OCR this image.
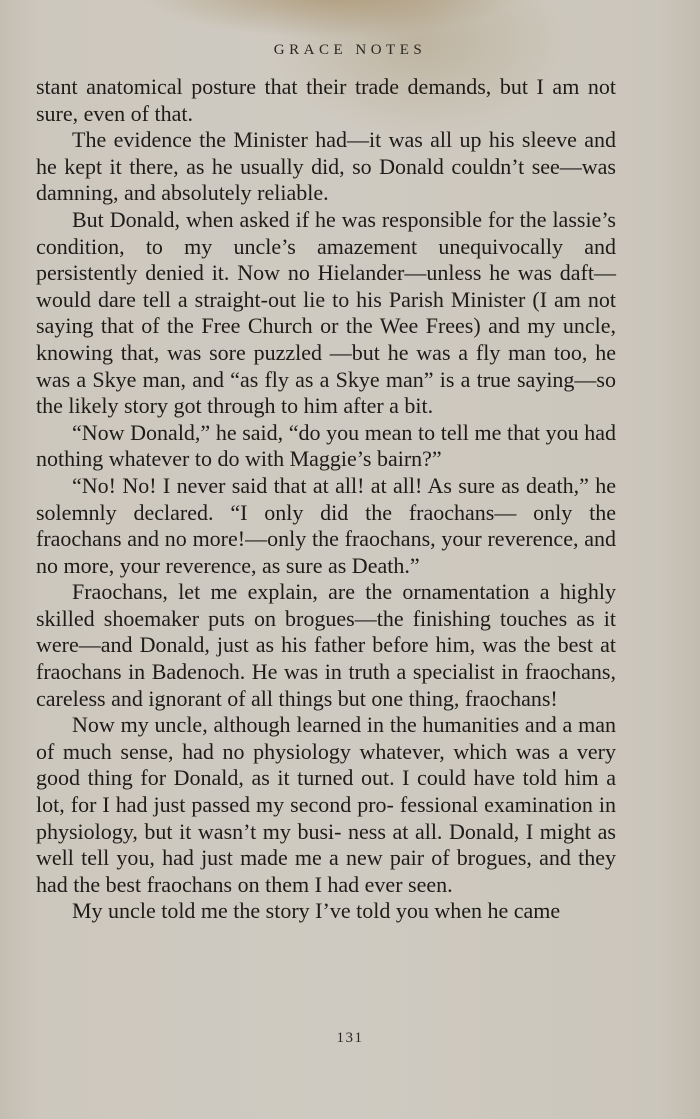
GRACE NOTES

stant anatomical posture that their trade demands, but I am not sure, even of that.

The evidence the Minister had—it was all up his sleeve and he kept it there, as he usually did, so Donald couldn’t see—was damning, and absolutely reliable.

But Donald, when asked if he was responsible for the lassie’s condition, to my uncle’s amazement unequivocally and persistently denied it. Now no Hielander—unless he was daft—would dare tell a straight-out lie to his Parish Minister (I am not saying that of the Free Church or the Wee Frees) and my uncle, knowing that, was sore puzzled —but he was a fly man too, he was a Skye man, and “as fly as a Skye man” is a true saying—so the likely story got through to him after a bit.

“Now Donald,” he said, “do you mean to tell me that you had nothing whatever to do with Maggie’s bairn?”

“No! No! I never said that at all! at all! As sure as death,” he solemnly declared. “I only did the fraochans— only the fraochans and no more!—only the fraochans, your reverence, and no more, your reverence, as sure as Death.”

Fraochans, let me explain, are the ornamentation a highly skilled shoemaker puts on brogues—the finishing touches as it were—and Donald, just as his father before him, was the best at fraochans in Badenoch. He was in truth a specialist in fraochans, careless and ignorant of all things but one thing, fraochans!

Now my uncle, although learned in the humanities and a man of much sense, had no physiology whatever, which was a very good thing for Donald, as it turned out. I could have told him a lot, for I had just passed my second pro- fessional examination in physiology, but it wasn’t my busi- ness at all. Donald, I might as well tell you, had just made me a new pair of brogues, and they had the best fraochans on them I had ever seen.

My uncle told me the story I’ve told you when he came

131
